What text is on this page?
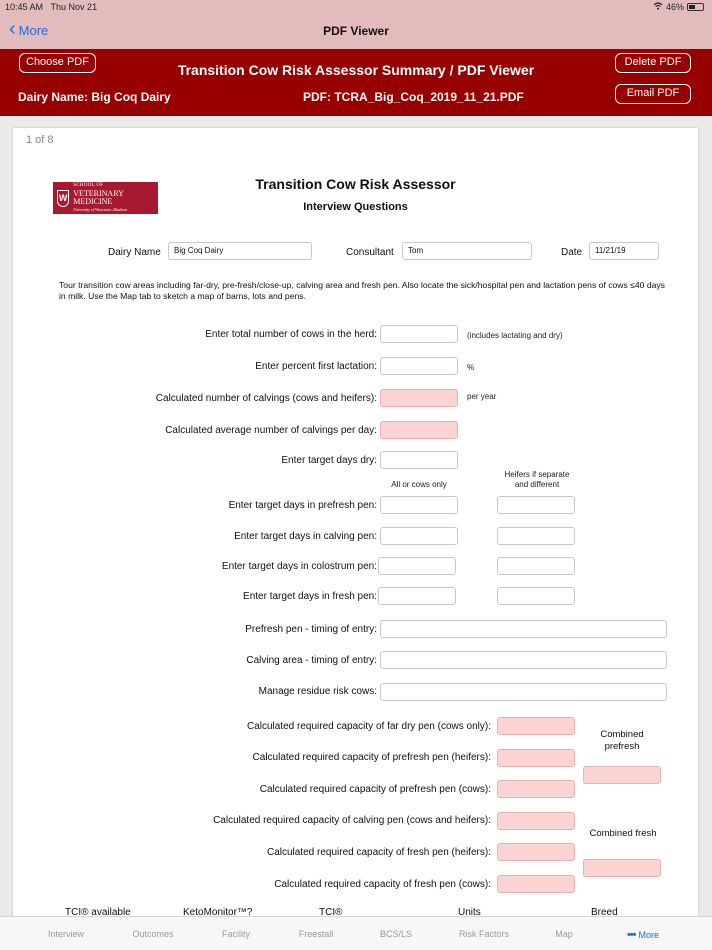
10:45 AM Thu Nov 21	46%
‹ More	PDF Viewer
Choose PDF	Transition Cow Risk Assessor Summary / PDF Viewer	Delete PDF
Email PDF
Dairy Name: Big Coq Dairy	PDF: TCRA_Big_Coq_2019_11_21.PDF
1 of 8
W
SCHOOL OF
VETERINARY MEDICINE
University of Wisconsin–Madison
Transition Cow Risk Assessor
Interview Questions
Dairy Name	Big Coq Dairy	Consultant	Tom	Date	11/21/19
Tour transition cow areas including far-dry, pre-fresh/close-up, calving area and fresh pen. Also locate the sick/hospital pen and lactation pens of cows ≤40 days in milk. Use the Map tab to sketch a map of barns, lots and pens.
Enter total number of cows in the herd:	(includes lactating and dry)
Enter percent first lactation:	%
Calculated number of calvings (cows and heifers):	per year
Calculated average number of calvings per day:
Enter target days dry:
All or cows only
Heifers if separate
and different
Enter target days in prefresh pen:
Enter target days in calving pen:
Enter target days in colostrum pen:
Enter target days in fresh pen:
Prefresh pen - timing of entry:
Calving area - timing of entry:
Manage residue risk cows:
Calculated required capacity of far dry pen (cows only):
Calculated required capacity of prefresh pen (heifers):
Combined
prefresh
Calculated required capacity of prefresh pen (cows):
Calculated required capacity of calving pen (cows and heifers):
Combined fresh
Calculated required capacity of fresh pen (heifers):
Calculated required capacity of fresh pen (cows):
TCI® available	KetoMonitor™?	TCI®	Units	Breed
Interview	Outcomes	Facility	Freestall	BCS/LS	Risk Factors	Map	••• More
